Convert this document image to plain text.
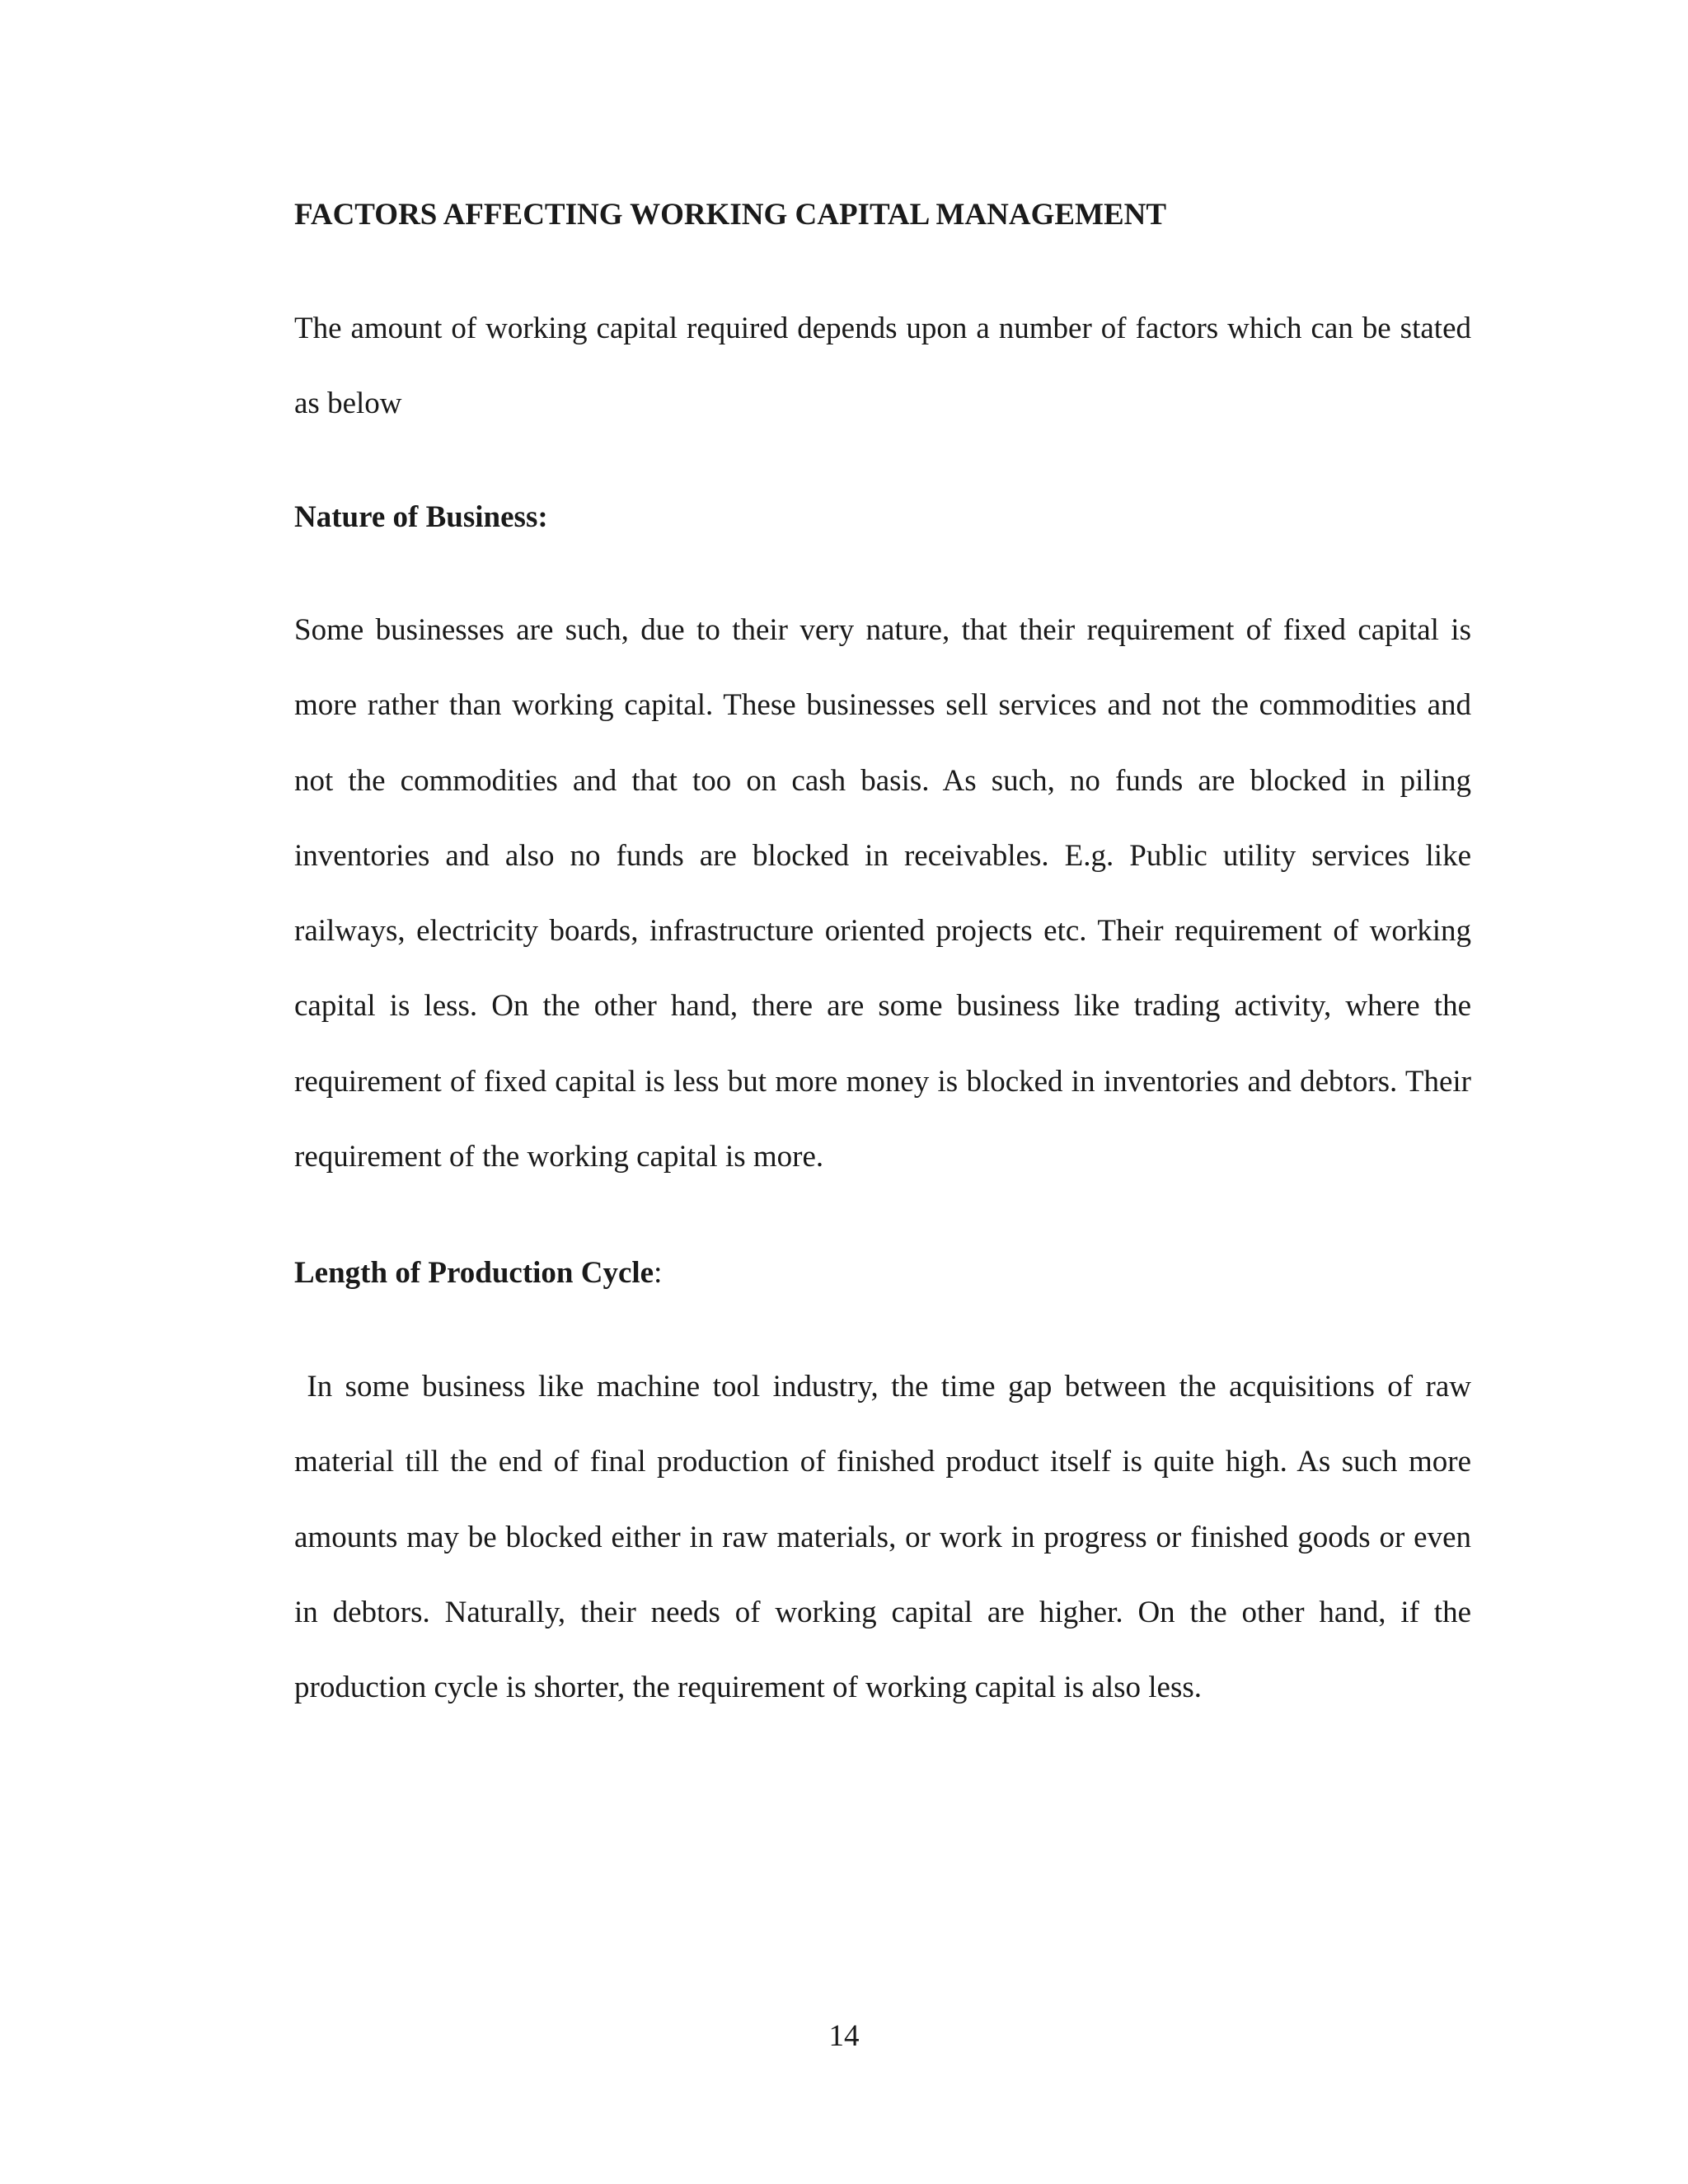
FACTORS AFFECTING WORKING CAPITAL MANAGEMENT

The amount of working capital required depends upon a number of factors which can be stated as below

Nature of Business:

Some businesses are such, due to their very nature, that their requirement of fixed capital is more rather than working capital. These businesses sell services and not the commodities and not the commodities and that too on cash basis. As such, no funds are blocked in piling inventories and also no funds are blocked in receivables. E.g. Public utility services like railways, electricity boards, infrastructure oriented projects etc. Their requirement of working capital is less. On the other hand, there are some business like trading activity, where the requirement of fixed capital is less but more money is blocked in inventories and debtors. Their requirement of the working capital is more.

Length of Production Cycle:

In some business like machine tool industry, the time gap between the acquisitions of raw material till the end of final production of finished product itself is quite high. As such more amounts may be blocked either in raw materials, or work in progress or finished goods or even in debtors. Naturally, their needs of working capital are higher. On the other hand, if the production cycle is shorter, the requirement of working capital is also less.

14
